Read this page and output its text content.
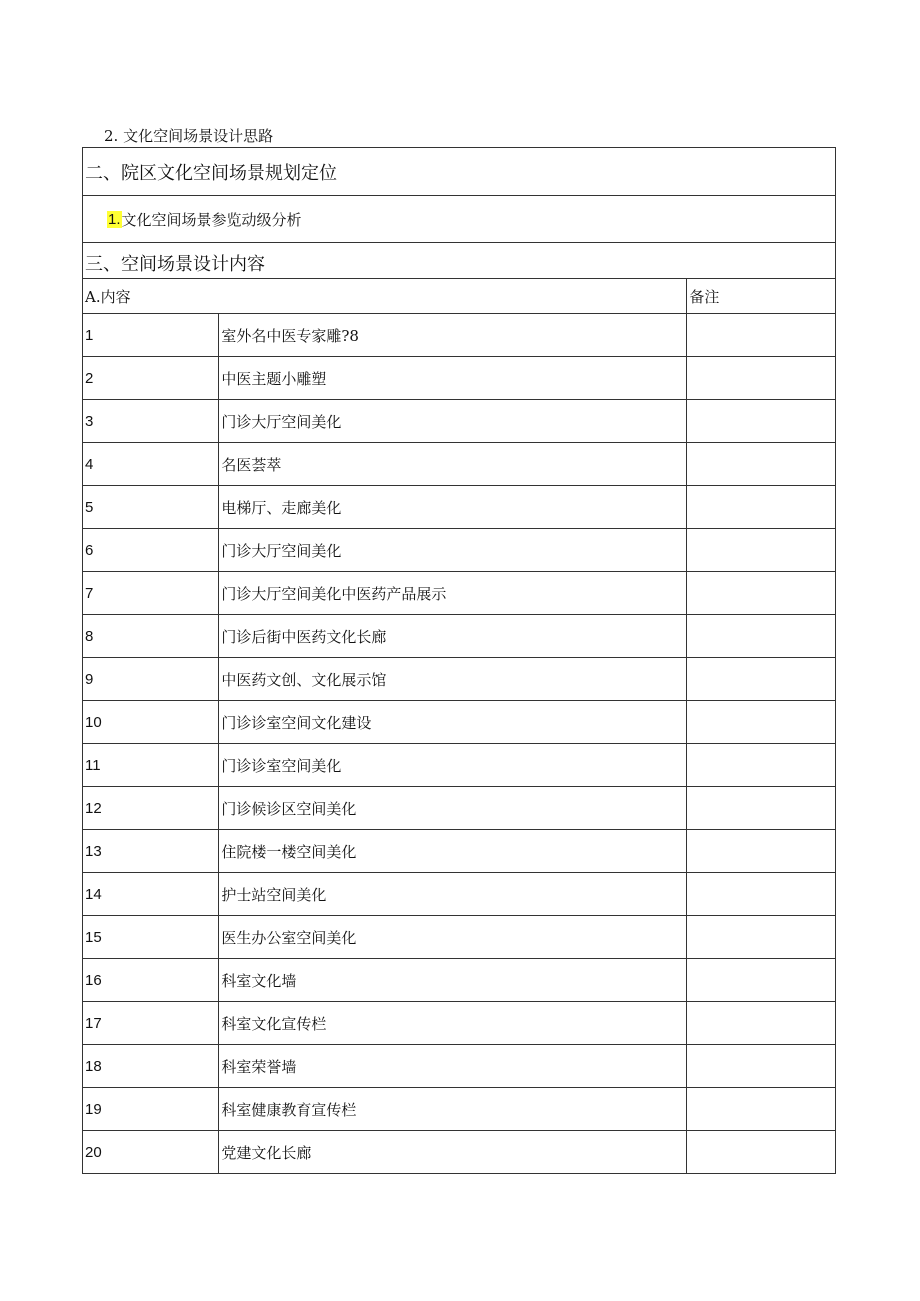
2. 文化空间场景设计思路
二、院区文化空间场景规划定位
1. 文化空间场景参览动级分析
三、空间场景设计内容
A.内容		备注
1	室外名中医专家雕?8	
2	中医主题小雕塑	
3	门诊大厅空间美化	
4	名医荟萃	
5	电梯厅、走廊美化	
6	门诊大厅空间美化	
7	门诊大厅空间美化中医药产品展示	
8	门诊后街中医药文化长廊	
9	中医药文创、文化展示馆	
10	门诊诊室空间文化建设	
11	门诊诊室空间美化	
12	门诊候诊区空间美化	
13	住院楼一楼空间美化	
14	护士站空间美化	
15	医生办公室空间美化	
16	科室文化墙	
17	科室文化宣传栏	
18	科室荣誉墙	
19	科室健康教育宣传栏	
20	党建文化长廊	
